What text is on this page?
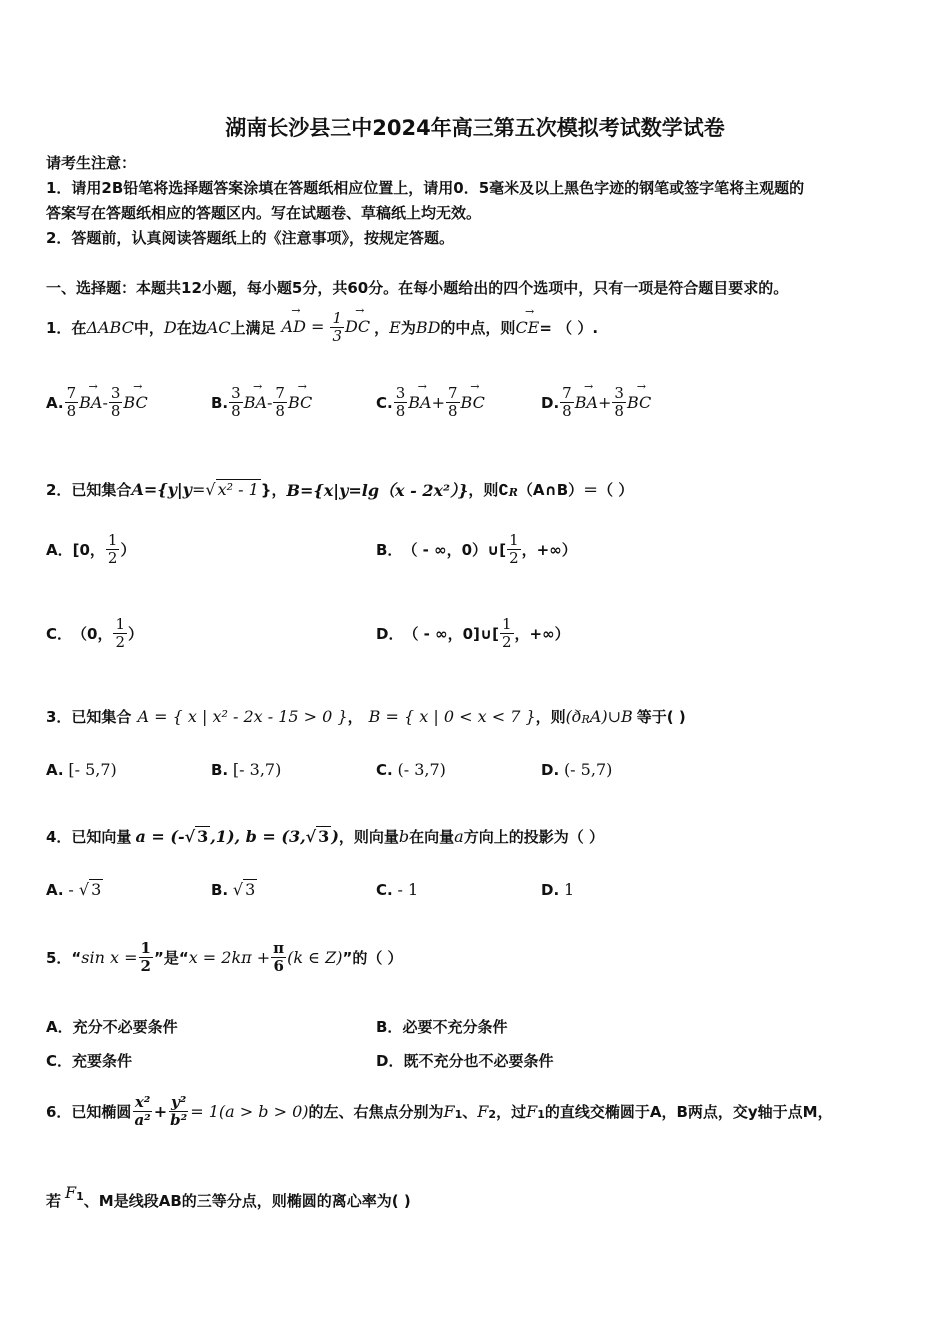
湖南长沙县三中2024年高三第五次模拟考试数学试卷
请考生注意：
1．请用2B铅笔将选择题答案涂填在答题纸相应位置上，请用0．5毫米及以上黑色字迹的钢笔或签字笔将主观题的
答案写在答题纸相应的答题区内。写在试题卷、草稿纸上均无效。
2．答题前，认真阅读答题纸上的《注意事项》，按规定答题。
一、选择题：本题共12小题，每小题5分，共60分。在每小题给出的四个选项中，只有一项是符合题目要求的。
1．在 ΔABC 中， D 在边 AC 上满足 → AD = $\frac{1}{3}$ → DC ， E 为 BD 的中点，则 → CE = （ ）.
A. $\frac{7}{8}$ → BA - $\frac{3}{8}$ → BC	B. $\frac{3}{8}$ → BA - $\frac{7}{8}$ → BC	C. $\frac{3}{8}$ → BA + $\frac{7}{8}$ → BC	D. $\frac{7}{8}$ → BA + $\frac{3}{8}$ → BC
2．已知集合 A={y|y = √ x² - 1 }， B={x|y=lg（x - 2x²）} ，则∁ R （A∩B）＝（ ）
A． [0， $\frac{1}{2}$ ）	B． （ - ∞，0）∪[ $\frac{1}{2}$ ，+∞）
C． （0， $\frac{1}{2}$ ）	D． （ - ∞，0]∪[ $\frac{1}{2}$ ，+∞）
3．已知集合 A = { x | x² - 2x - 15 > 0 } ， B = { x | 0 < x < 7 } ，则 (ð R A)∪B 等于( )
A. [- 5,7)	B. [- 3,7)	C. (- 3,7)	D. (- 5,7)
4．已知向量 a = (- √ 3 ,1), b = (3, √ 3 ) ，则向量 b 在向量 a 方向上的投影为（ ）
A. - √ 3	B. √ 3	C. - 1	D. 1
5．“ $\sin x = \frac{1}{2}$ ”是“ $x = 2k\pi + \frac{\pi}{6} (k$ ∈ Z) ”的（ ）
A．充分不必要条件	B．必要不充分条件
C．充要条件	D．既不充分也不必要条件
6．已知椭圆 $\frac{\text{x²}}{\text{a²}} + \frac{\text{y²}}{\text{b²}} = 1(a > b > 0)$ 的左、右焦点分别为 F 1 、 F 2 ，过 F 1 的直线交椭圆于A，B两点，交y轴于点M，
若 F 1 、M是线段AB的三等分点，则椭圆的离心率为( )
